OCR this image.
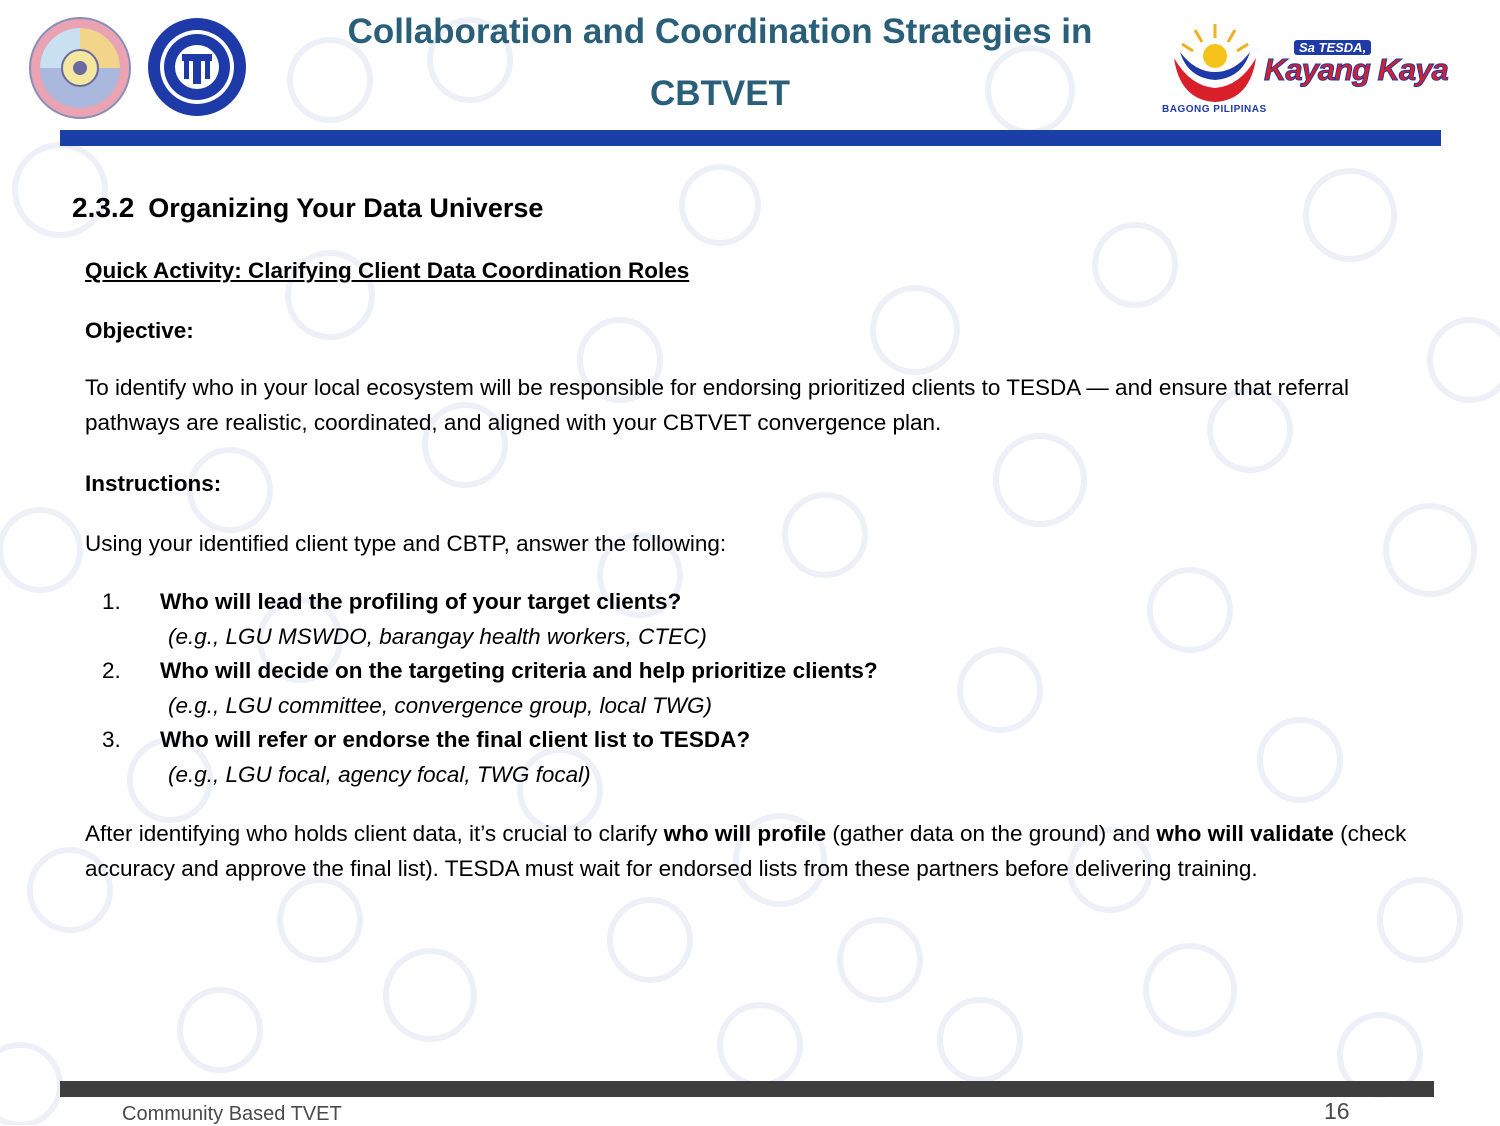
BAGONG PILIPINAS
Sa TESDA,
Kayang Kaya
Collaboration and Coordination Strategies in
CBTVET
2.3.2 Organizing Your Data Universe
Quick Activity: Clarifying Client Data Coordination Roles
Objective:
To identify who in your local ecosystem will be responsible for endorsing prioritized clients to TESDA — and ensure that referral pathways are realistic, coordinated, and aligned with your CBTVET convergence plan.
Instructions:
Using your identified client type and CBTP, answer the following:
1. Who will lead the profiling of your target clients?
(e.g., LGU MSWDO, barangay health workers, CTEC)
2. Who will decide on the targeting criteria and help prioritize clients?
(e.g., LGU committee, convergence group, local TWG)
3. Who will refer or endorse the final client list to TESDA?
(e.g., LGU focal, agency focal, TWG focal)
After identifying who holds client data, it’s crucial to clarify who will profile (gather data on the ground) and who will validate (check accuracy and approve the final list). TESDA must wait for endorsed lists from these partners before delivering training.
Community Based TVET	16
